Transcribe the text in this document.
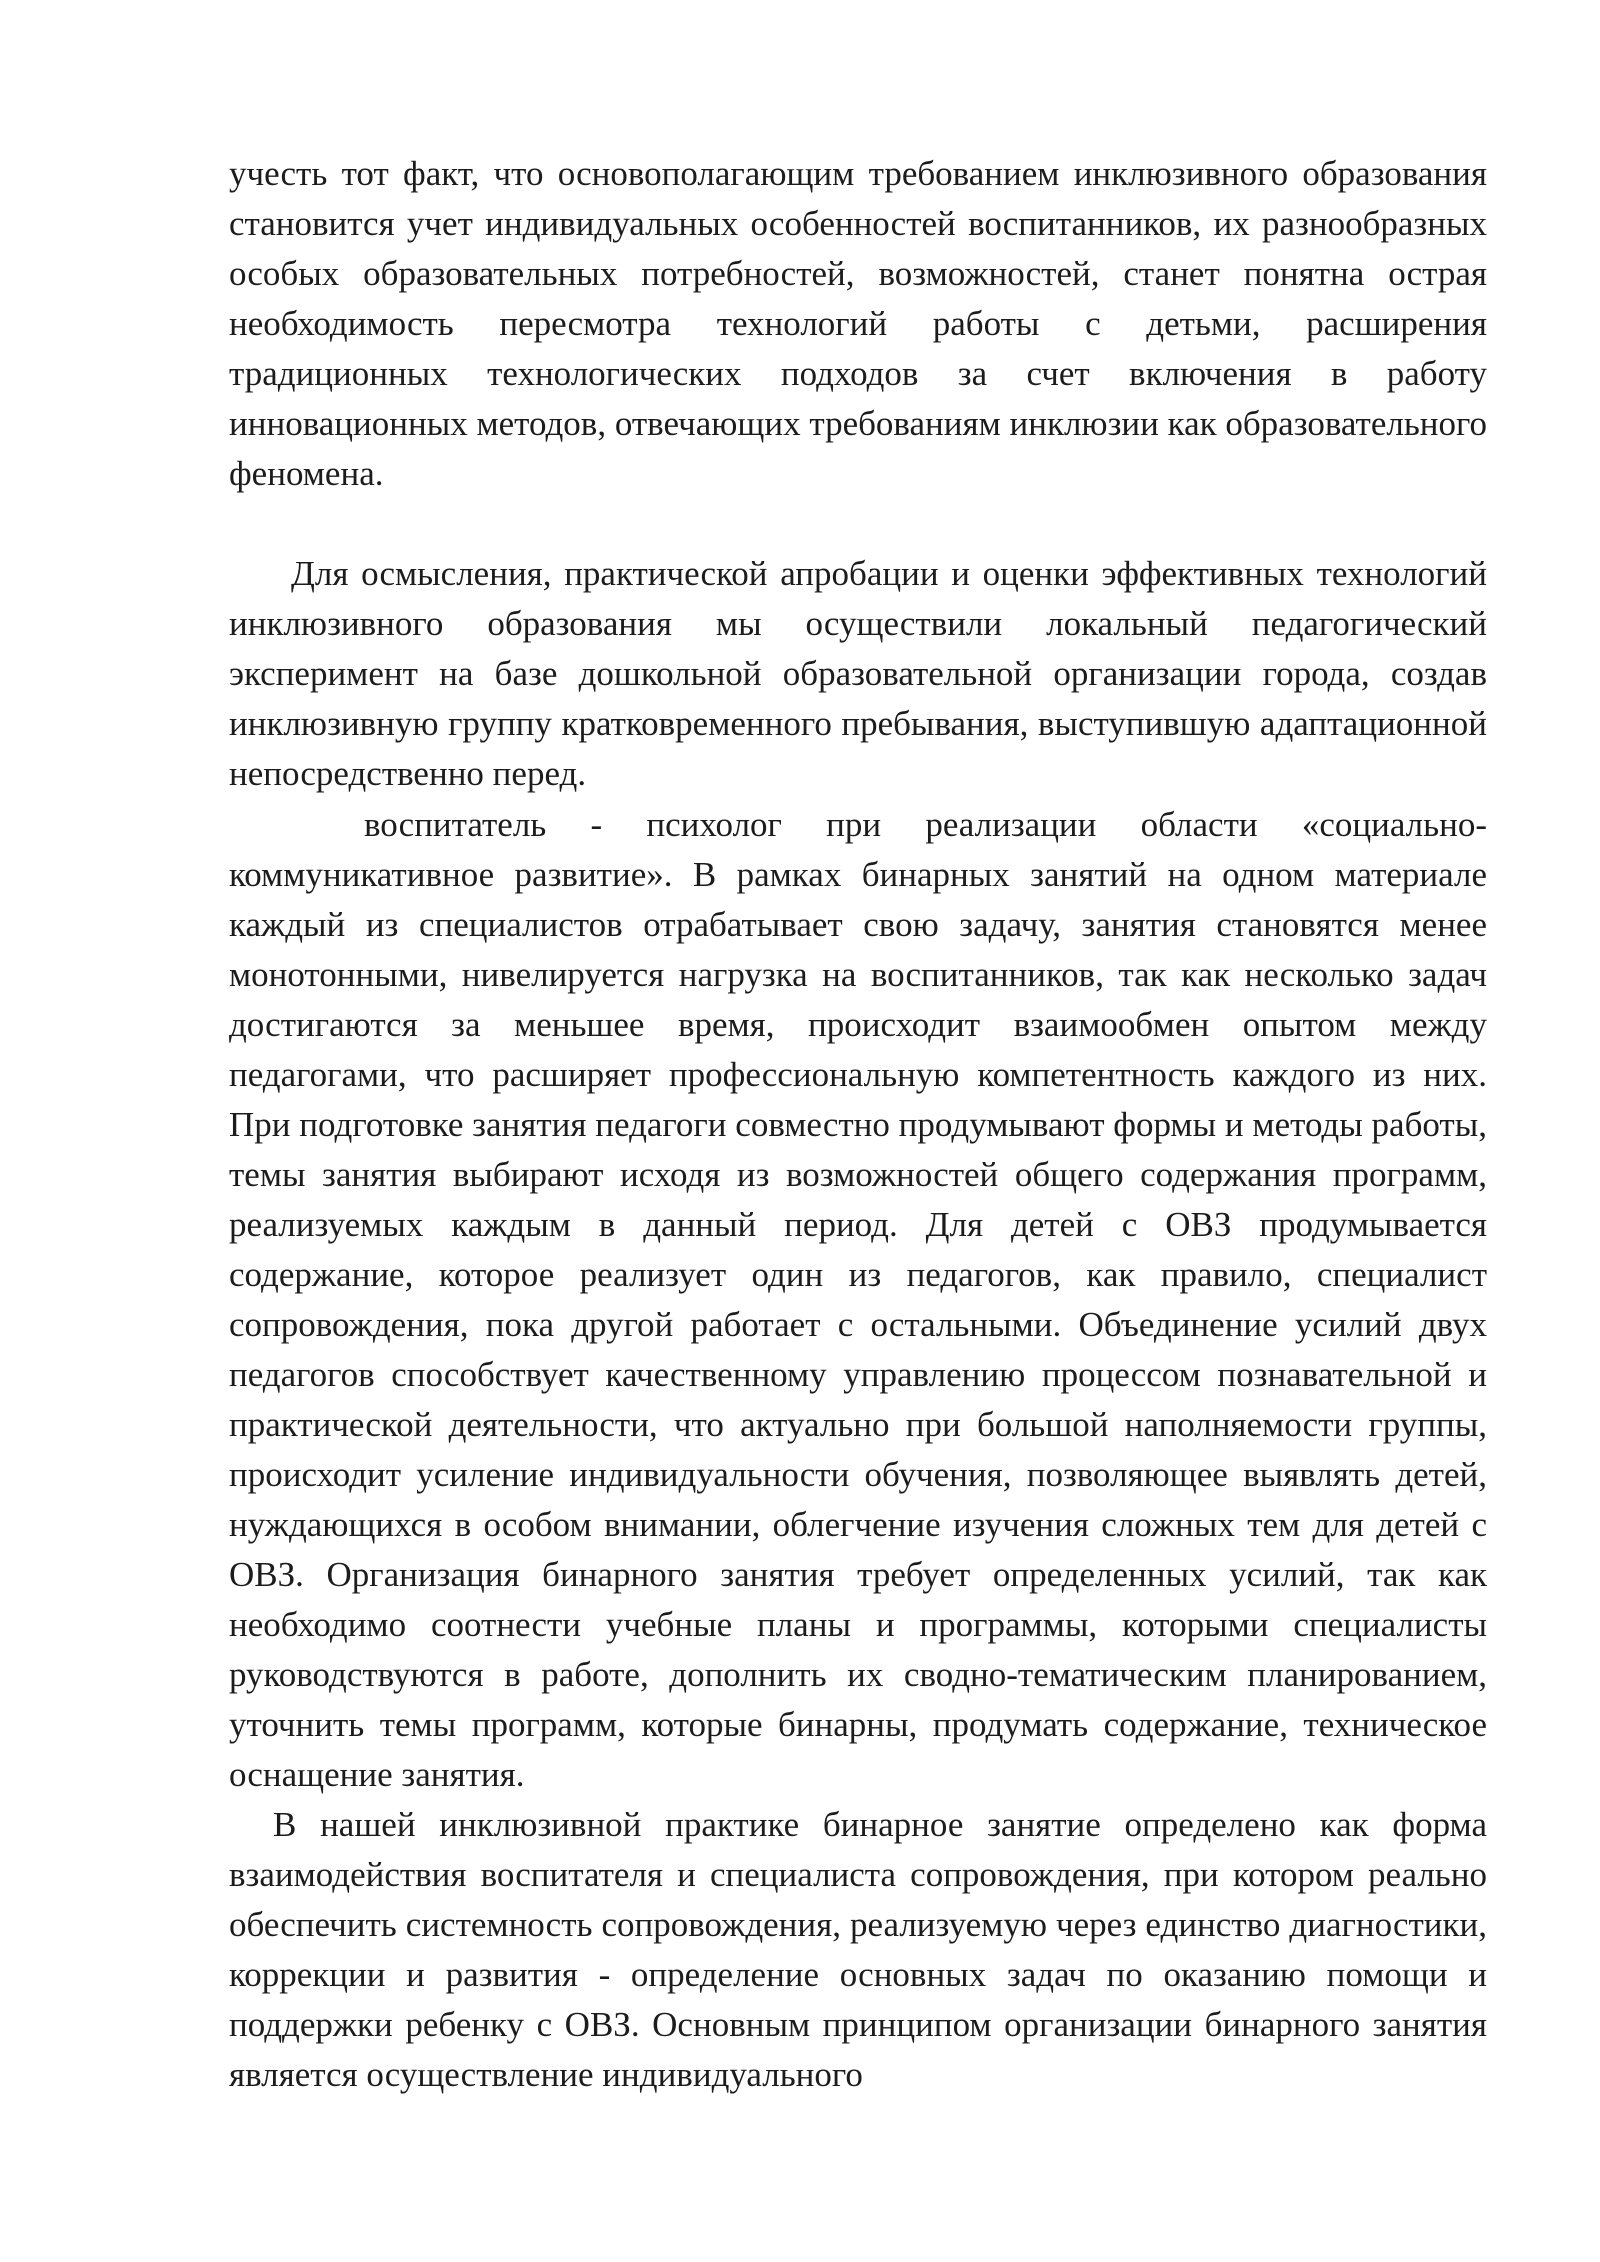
учесть тот факт, что основополагающим требованием инклюзивного образования становится учет индивидуальных особенностей воспитанников, их разнообразных особых образовательных потребностей, возможностей, станет понятна острая необходимость пересмотра технологий работы с детьми, расширения традиционных технологических подходов за счет включения в работу инновационных методов, отвечающих требованиям инклюзии как образовательного феномена.

Для осмысления, практической апробации и оценки эффективных технологий инклюзивного образования мы осуществили локальный педагогический эксперимент на базе дошкольной образовательной организации города, создав инклюзивную группу кратковременного пребывания, выступившую адаптационной непосредственно перед.

воспитатель - психолог при реализации области «социально-коммуникативное развитие». В рамках бинарных занятий на одном материале каждый из специалистов отрабатывает свою задачу, занятия становятся менее монотонными, нивелируется нагрузка на воспитанников, так как несколько задач достигаются за меньшее время, происходит взаимообмен опытом между педагогами, что расширяет профессиональную компетентность каждого из них. При подготовке занятия педагоги совместно продумывают формы и методы работы, темы занятия выбирают исходя из возможностей общего содержания программ, реализуемых каждым в данный период. Для детей с ОВЗ продумывается содержание, которое реализует один из педагогов, как правило, специалист сопровождения, пока другой работает с остальными. Объединение усилий двух педагогов способствует качественному управлению процессом познавательной и практической деятельности, что актуально при большой наполняемости группы, происходит усиление индивидуальности обучения, позволяющее выявлять детей, нуждающихся в особом внимании, облегчение изучения сложных тем для детей с ОВЗ. Организация бинарного занятия требует определенных усилий, так как необходимо соотнести учебные планы и программы, которыми специалисты руководствуются в работе, дополнить их сводно-тематическим планированием, уточнить темы программ, которые бинарны, продумать содержание, техническое оснащение занятия.

В нашей инклюзивной практике бинарное занятие определено как форма взаимодействия воспитателя и специалиста сопровождения, при котором реально обеспечить системность сопровождения, реализуемую через единство диагностики, коррекции и развития - определение основных задач по оказанию помощи и поддержки ребенку с ОВЗ. Основным принципом организации бинарного занятия является осуществление индивидуального
